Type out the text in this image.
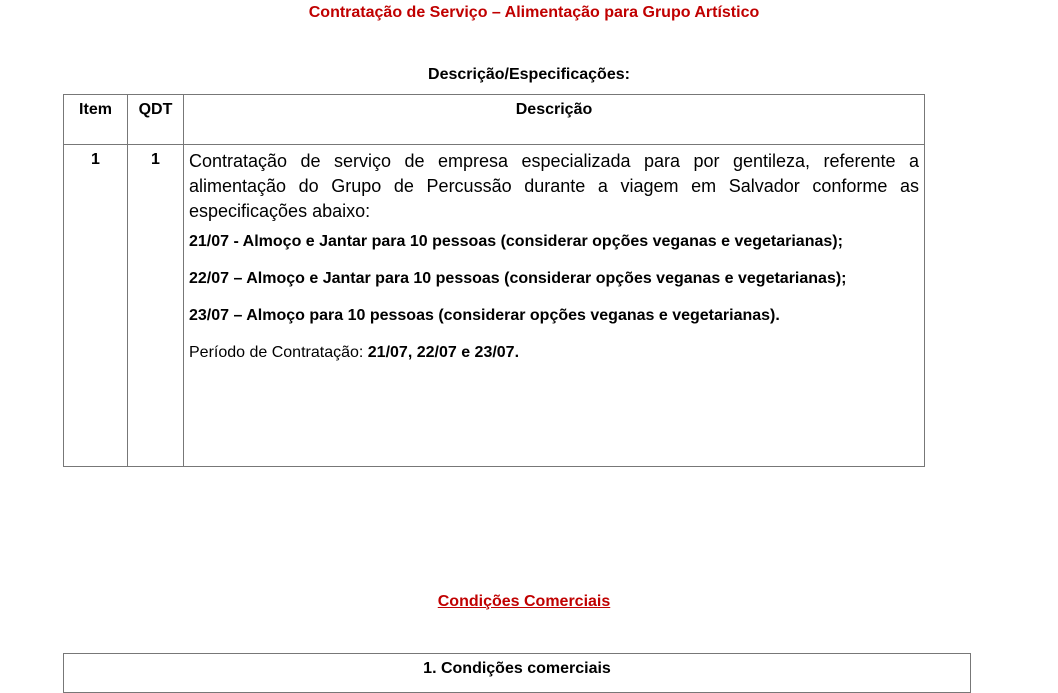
Contratação de Serviço – Alimentação para Grupo Artístico
Descrição/Especificações:
Item	QDT	Descrição
1	1	Contratação de serviço de empresa especializada para por gentileza, referente a alimentação do Grupo de Percussão durante a viagem em Salvador conforme as especificações abaixo:

21/07 - Almoço e Jantar para 10 pessoas (considerar opções veganas e vegetarianas);

22/07 – Almoço e Jantar para 10 pessoas (considerar opções veganas e vegetarianas);

23/07 – Almoço para 10 pessoas (considerar opções veganas e vegetarianas).

Período de Contratação: 21/07, 22/07 e 23/07.

Condições Comerciais
1. Condições comerciais
